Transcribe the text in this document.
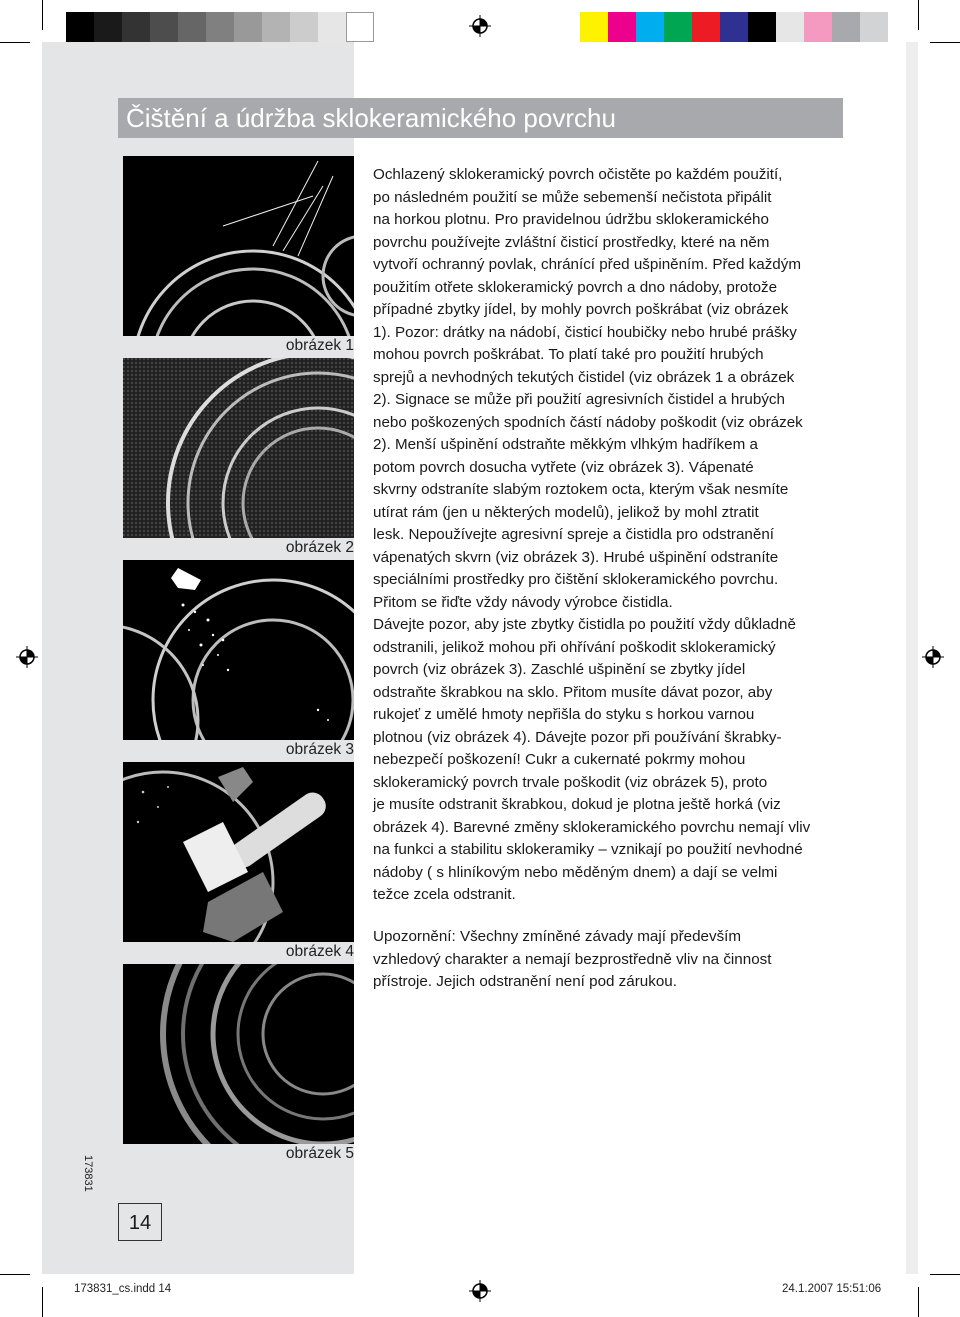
Čištění a údržba sklokeramického povrchu
obrázek 1
obrázek 2
obrázek 3
obrázek 4
obrázek 5

Ochlazený sklokeramický povrch očistěte po každém použití,

po následném použití se může sebemenší nečistota připálit

na horkou plotnu. Pro pravidelnou údržbu sklokeramického

povrchu používejte zvláštní čisticí prostředky, které na něm

vytvoří ochranný povlak, chránící před ušpiněním. Před každým

použitím otřete sklokeramický povrch a dno nádoby, protože

případné zbytky jídel, by mohly povrch poškrábat (viz obrázek

1). Pozor: drátky na nádobí, čisticí houbičky nebo hrubé prášky

mohou povrch poškrábat. To platí také pro použití hrubých

sprejů a nevhodných tekutých čistidel (viz obrázek 1 a obrázek

2). Signace se může při použití agresivních čistidel a hrubých

nebo poškozených spodních částí nádoby poškodit (viz obrázek

2). Menší ušpinění odstraňte měkkým vlhkým hadříkem a

potom povrch dosucha vytřete (viz obrázek 3). Vápenaté

skvrny odstraníte slabým roztokem octa, kterým však nesmíte

utírat rám (jen u některých modelů), jelikož by mohl ztratit

lesk. Nepoužívejte agresivní spreje a čistidla pro odstranění

vápenatých skvrn (viz obrázek 3). Hrubé ušpinění odstraníte

speciálními prostředky pro čištění sklokeramického povrchu.

Přitom se řiďte vždy návody výrobce čistidla.

Dávejte pozor, aby jste zbytky čistidla po použití vždy důkladně

odstranili, jelikož mohou při ohřívání poškodit sklokeramický

povrch (viz obrázek 3). Zaschlé ušpinění se zbytky jídel

odstraňte škrabkou na sklo. Přitom musíte dávat pozor, aby

rukojeť z umělé hmoty nepřišla do styku s horkou varnou

plotnou (viz obrázek 4). Dávejte pozor při používání škrabky-

nebezpečí poškození! Cukr a cukernaté pokrmy mohou

sklokeramický povrch trvale poškodit (viz obrázek 5), proto

je musíte odstranit škrabkou, dokud je plotna ještě horká (viz

obrázek 4). Barevné změny sklokeramického povrchu nemají vliv

na funkci a stabilitu sklokeramiky – vznikají po použití nevhodné

nádoby ( s hliníkovým nebo měděným dnem) a dají se velmi

težce zcela odstranit.

Upozornění: Všechny zmíněné závady mají především

vzhledový charakter a nemají bezprostředně vliv na činnost

přístroje. Jejich odstranění není pod zárukou.

173831
14
173831_cs.indd 14	24.1.2007 15:51:06
